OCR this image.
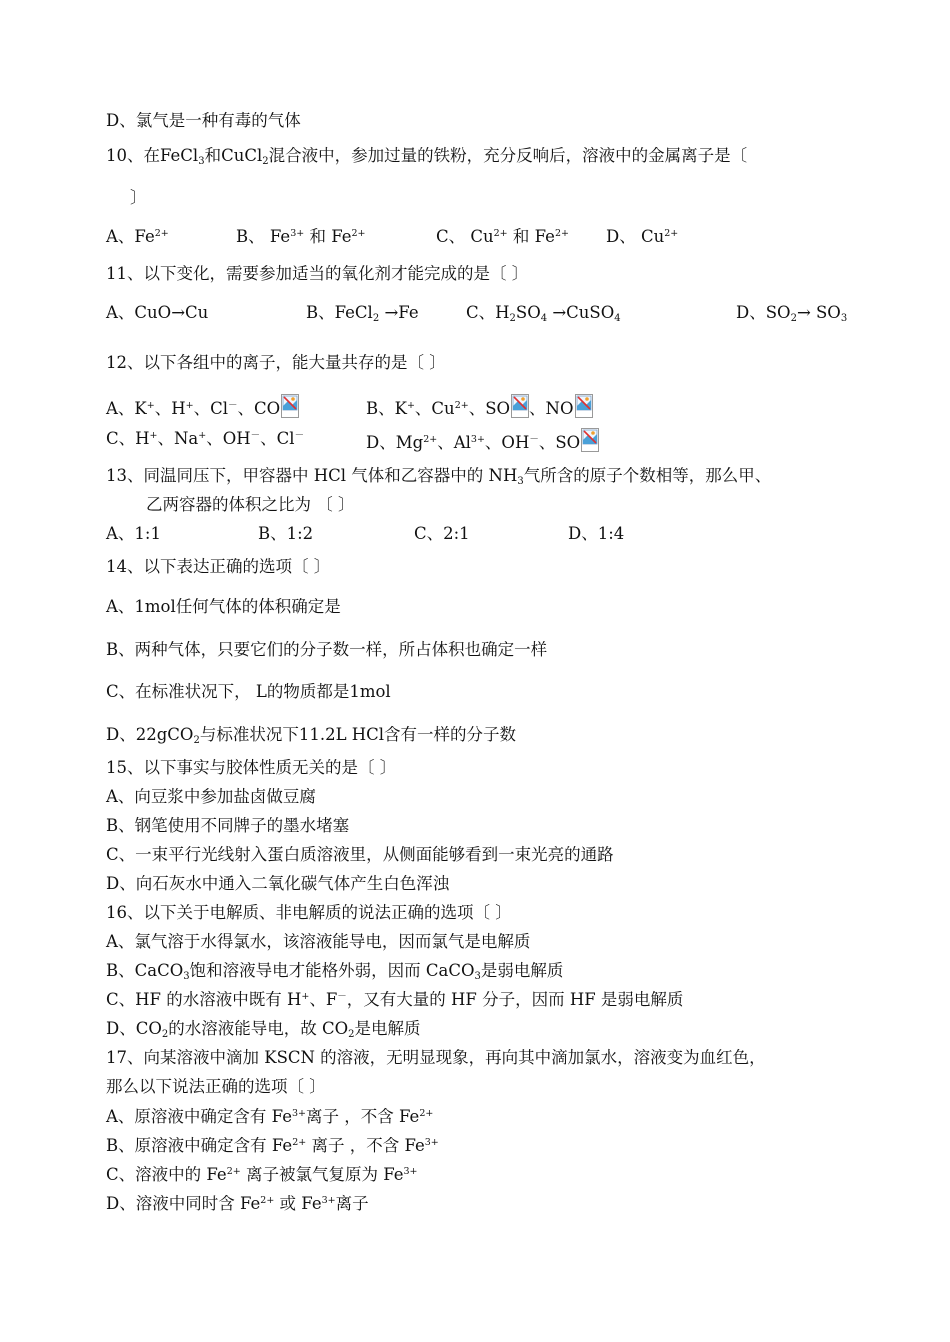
D、氯气是一种有毒的气体
10、在FeCl$_3$和CuCl$_2$混合液中，参加过量的铁粉，充分反响后，溶液中的金属离子是〔
〕
A、$Fe^{2+}$	B、 $Fe^{3+}$ 和 $Fe^{2+}$	C、 $Cu^{2+}$ 和 $Fe^{2+}$ D、 $Cu^{2+}$
11、以下变化，需要参加适当的氧化剂才能完成的是〔 〕
A、CuO→Cu	B、FeCl$_2$ →Fe	C、$H_2SO_4$ →CuSO$_4$	D、$SO_2\to SO_3$
12、以下各组中的离子，能大量共存的是〔 〕
A、K+、H+、Cl－、CO	B、K+、$Cu^{2+}$、SO 、NO
C、H+、Na+、OH－、Cl－	D、$Mg^{2+}$、$Al^{3+}$、OH－、SO
13、同温同压下，甲容器中 HCl 气体和乙容器中的 $NH_3$气所含的原子个数相等，那么甲、
乙两容器的体积之比为 〔 〕
A、1:1	B、1:2	C、2:1	D、1:4
14、以下表达正确的选项〔 〕
A、1mol任何气体的体积确定是
B、两种气体，只要它们的分子数一样，所占体积也确定一样
C、在标准状况下， L的物质都是1mol
D、22gCO$_2$与标准状况下11.2L HCl含有一样的分子数
15、以下事实与胶体性质无关的是〔 〕
A、向豆浆中参加盐卤做豆腐
B、钢笔使用不同牌子的墨水堵塞
C、一束平行光线射入蛋白质溶液里，从侧面能够看到一束光亮的通路
D、向石灰水中通入二氧化碳气体产生白色浑浊
16、以下关于电解质、非电解质的说法正确的选项〔 〕
A、氯气溶于水得氯水，该溶液能导电，因而氯气是电解质
B、CaCO$_3$饱和溶液导电才能格外弱，因而 CaCO$_3$是弱电解质
C、HF 的水溶液中既有 H+、F－，又有大量的 HF 分子，因而 HF 是弱电解质
D、$CO_2$的水溶液能导电，故 $CO_2$是电解质
17、向某溶液中滴加 KSCN 的溶液，无明显现象，再向其中滴加氯水，溶液变为血红色，
那么以下说法正确的选项〔 〕
A、原溶液中确定含有 $Fe^{3+}$离子 ，不含 $Fe^{2+}$
B、原溶液中确定含有 $Fe^{2+}$ 离子 ，不含 $Fe^{3+}$
C、溶液中的 $Fe^{2+}$ 离子被氯气复原为 $Fe^{3+}$
D、溶液中同时含 $Fe^{2+}$ 或 $Fe^{3+}$离子
